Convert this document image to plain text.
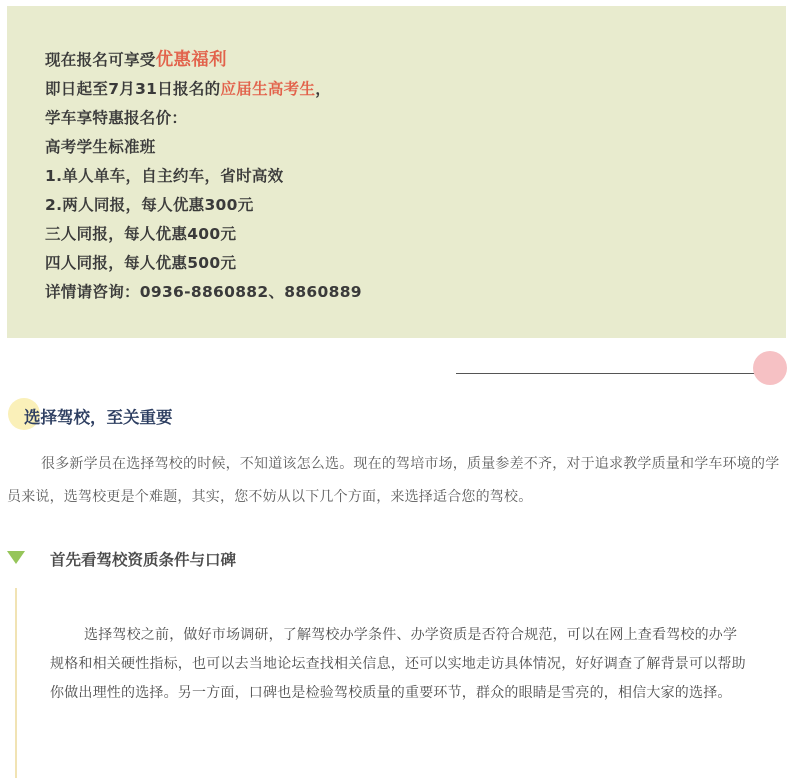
现在报名可享受优惠福利
即日起至7月31日报名的应届生高考生，
学车享特惠报名价：
高考学生标准班
1.单人单车，自主约车，省时高效
2.两人同报，每人优惠300元
三人同报，每人优惠400元
四人同报，每人优惠500元
详情请咨询：0936-8860882、8860889
选择驾校，至关重要
很多新学员在选择驾校的时候，不知道该怎么选。现在的驾培市场，质量参差不齐，对于追求教学质量和学车环境的学员来说，选驾校更是个难题，其实，您不妨从以下几个方面，来选择适合您的驾校。
首先看驾校资质条件与口碑
选择驾校之前，做好市场调研，了解驾校办学条件、办学资质是否符合规范，可以在网上查看驾校的办学规格和相关硬性指标，也可以去当地论坛查找相关信息，还可以实地走访具体情况，好好调查了解背景可以帮助你做出理性的选择。另一方面，口碑也是检验驾校质量的重要环节，群众的眼睛是雪亮的，相信大家的选择。
